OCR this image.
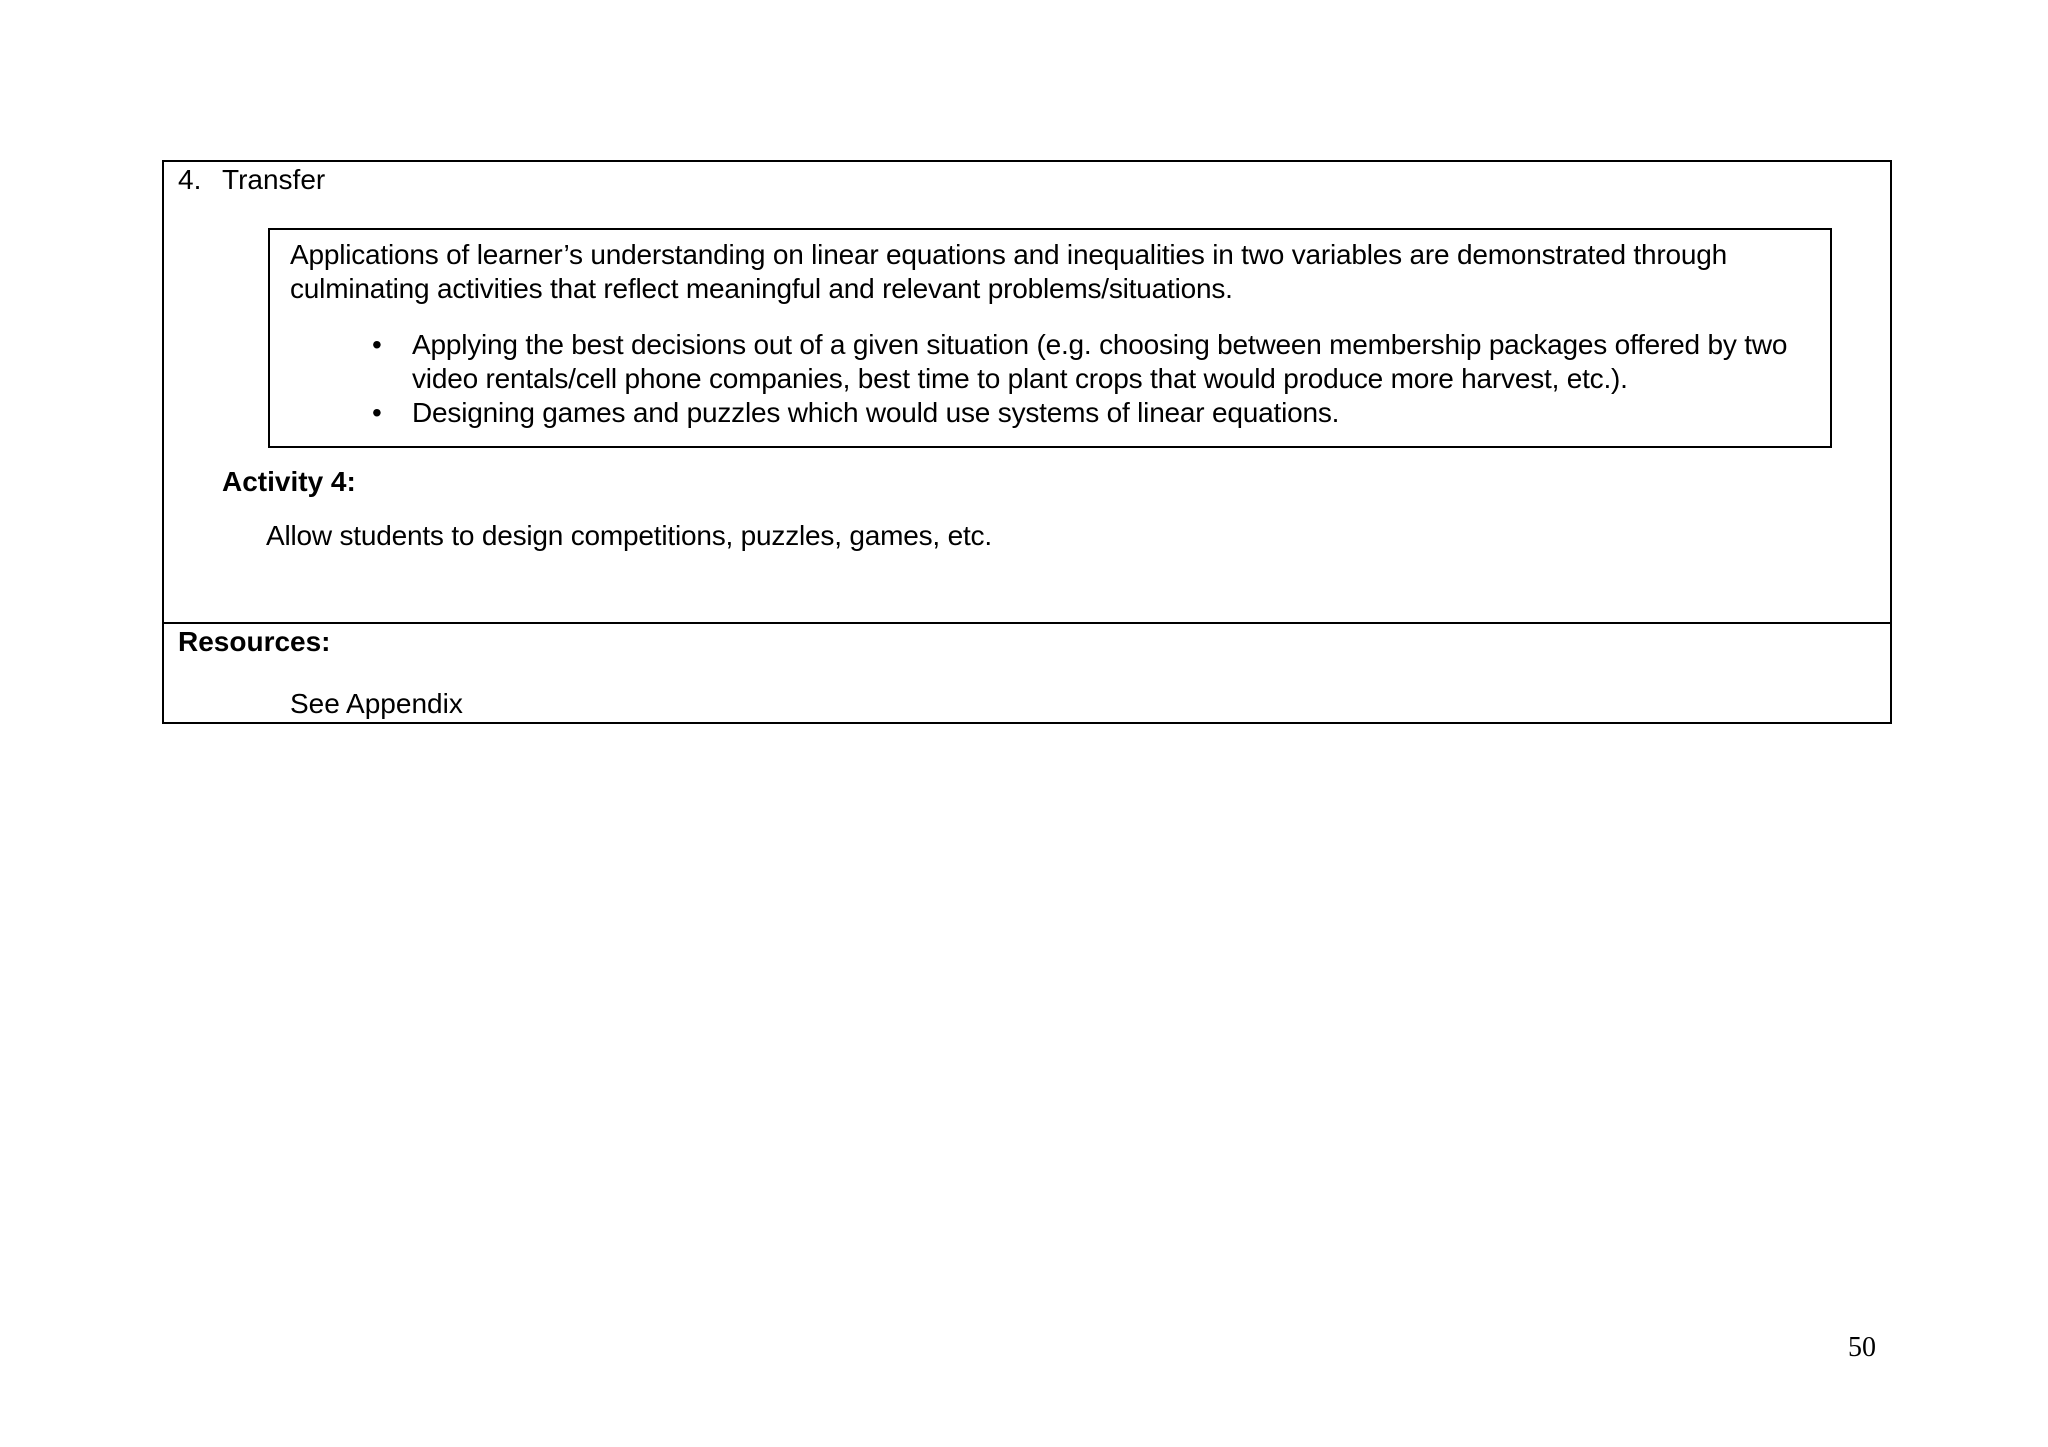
4. Transfer

Applications of learner’s understanding on linear equations and inequalities in two variables are demonstrated through culminating activities that reflect meaningful and relevant problems/situations.

• Applying the best decisions out of a given situation (e.g. choosing between membership packages offered by two video rentals/cell phone companies, best time to plant crops that would produce more harvest, etc.).
• Designing games and puzzles which would use systems of linear equations.
Activity 4:
Allow students to design competitions, puzzles, games, etc.
Resources:
See Appendix
50
